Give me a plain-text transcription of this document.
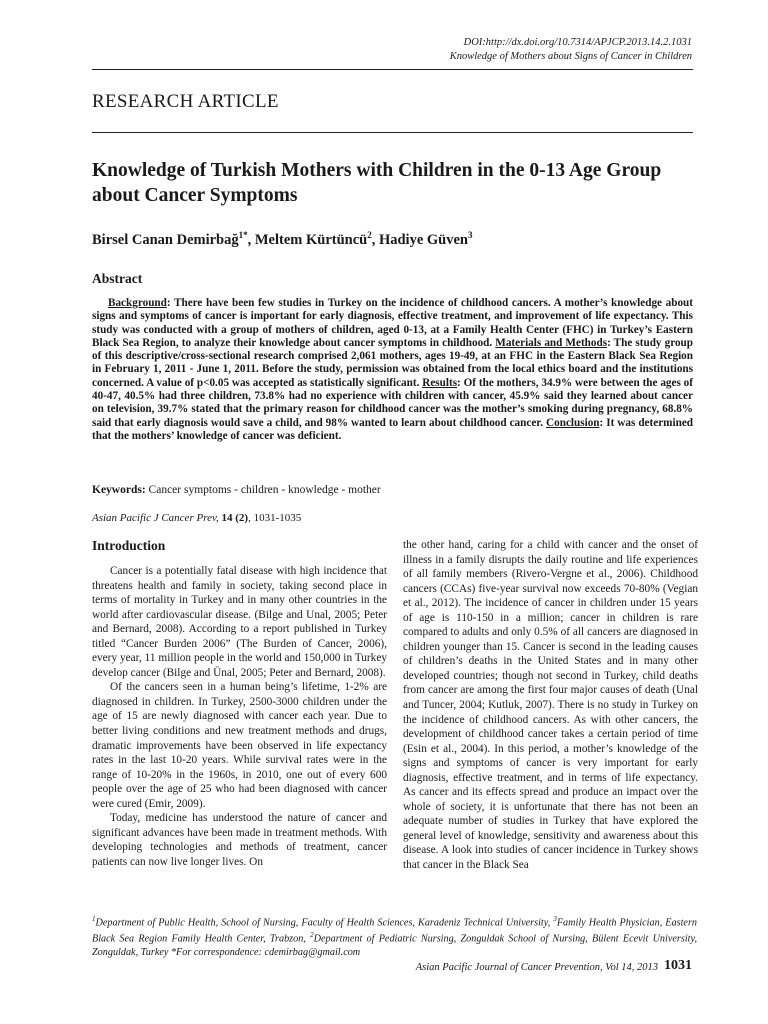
DOI:http://dx.doi.org/10.7314/APJCP.2013.14.2.1031
Knowledge of Mothers about Signs of Cancer in Children
RESEARCH ARTICLE
Knowledge of Turkish Mothers with Children in the 0-13 Age Group about Cancer Symptoms
Birsel Canan Demirbağ$^{1*}$, Meltem Kürtüncü$^2$, Hadiye Güven$^3$
Abstract

Background: There have been few studies in Turkey on the incidence of childhood cancers. A mother’s knowledge about signs and symptoms of cancer is important for early diagnosis, effective treatment, and improvement of life expectancy. This study was conducted with a group of mothers of children, aged 0-13, at a Family Health Center (FHC) in Turkey’s Eastern Black Sea Region, to analyze their knowledge about cancer symptoms in childhood. Materials and Methods: The study group of this descriptive/cross-sectional research comprised 2,061 mothers, ages 19-49, at an FHC in the Eastern Black Sea Region in February 1, 2011 - June 1, 2011. Before the study, permission was obtained from the local ethics board and the institutions concerned. A value of p<0.05 was accepted as statistically significant. Results: Of the mothers, 34.9% were between the ages of 40-47, 40.5% had three children, 73.8% had no experience with children with cancer, 45.9% said they learned about cancer on television, 39.7% stated that the primary reason for childhood cancer was the mother’s smoking during pregnancy, 68.8% said that early diagnosis would save a child, and 98% wanted to learn about childhood cancer. Conclusion: It was determined that the mothers’ knowledge of cancer was deficient.

Keywords: Cancer symptoms - children - knowledge - mother
Asian Pacific J Cancer Prev, 14 (2), 1031-1035
Introduction

Cancer is a potentially fatal disease with high incidence that threatens health and family in society, taking second place in terms of mortality in Turkey and in many other countries in the world after cardiovascular disease. (Bilge and Unal, 2005; Peter and Bernard, 2008). According to a report published in Turkey titled “Cancer Burden 2006” (The Burden of Cancer, 2006), every year, 11 million people in the world and 150,000 in Turkey develop cancer (Bilge and Ünal, 2005; Peter and Bernard, 2008).

Of the cancers seen in a human being’s lifetime, 1-2% are diagnosed in children. In Turkey, 2500-3000 children under the age of 15 are newly diagnosed with cancer each year. Due to better living conditions and new treatment methods and drugs, dramatic improvements have been observed in life expectancy rates in the last 10-20 years. While survival rates were in the range of 10-20% in the 1960s, in 2010, one out of every 600 people over the age of 25 who had been diagnosed with cancer were cured (Emir, 2009).

Today, medicine has understood the nature of cancer and significant advances have been made in treatment methods. With developing technologies and methods of treatment, cancer patients can now live longer lives. On

the other hand, caring for a child with cancer and the onset of illness in a family disrupts the daily routine and life experiences of all family members (Rivero-Vergne et al., 2006). Childhood cancers (CCAs) five-year survival now exceeds 70-80% (Vegian et al., 2012). The incidence of cancer in children under 15 years of age is 110-150 in a million; cancer in children is rare compared to adults and only 0.5% of all cancers are diagnosed in children younger than 15. Cancer is second in the leading causes of children’s deaths in the United States and in many other developed countries; though not second in Turkey, child deaths from cancer are among the first four major causes of death (Unal and Tuncer, 2004; Kutluk, 2007). There is no study in Turkey on the incidence of childhood cancers. As with other cancers, the development of childhood cancer takes a certain period of time (Esin et al., 2004). In this period, a mother’s knowledge of the signs and symptoms of cancer is very important for early diagnosis, effective treatment, and in terms of life expectancy. As cancer and its effects spread and produce an impact over the whole of society, it is unfortunate that there has not been an adequate number of studies in Turkey that have explored the general level of knowledge, sensitivity and awareness about this disease. A look into studies of cancer incidence in Turkey shows that cancer in the Black Sea

$^1$Department of Public Health, School of Nursing, Faculty of Health Sciences, Karadeniz Technical University, $^3$Family Health Physician, Eastern Black Sea Region Family Health Center, Trabzon, $^2$Department of Pediatric Nursing, Zonguldak School of Nursing, Bülent Ecevit University, Zonguldak, Turkey *For correspondence: cdemirbag@gmail.com
Asian Pacific Journal of Cancer Prevention, Vol 14, 2013 1031
